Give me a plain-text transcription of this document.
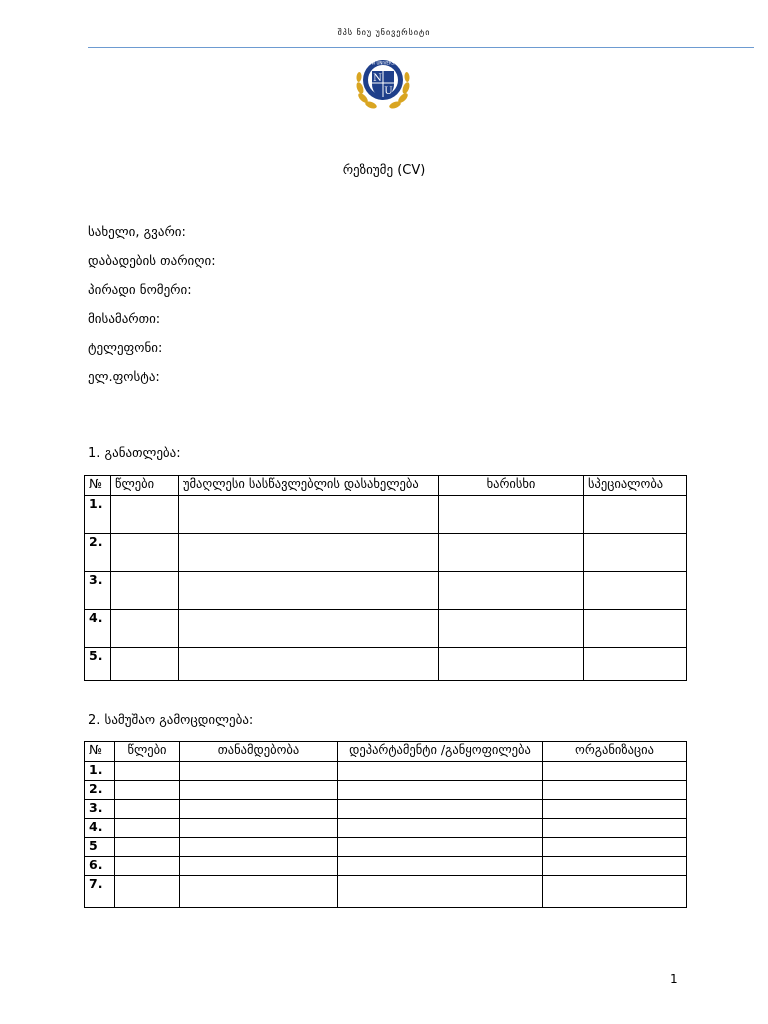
შპს ნიუ უნივერსიტი
N
U
NEW UNIVERSITY
რეზიუმე (CV)
სახელი, გვარი:
დაბადების თარიღი:
პირადი ნომერი:
მისამართი:
ტელეფონი:
ელ.ფოსტა:
1. განათლება:
№	წლები	უმაღლესი სასწავლებლის დასახელება	ხარისხი	სპეციალობა
1.				
2.				
3.				
4.				
5.				
2. სამუშაო გამოცდილება:
№	წლები	თანამდებობა	დეპარტამენტი /განყოფილება	ორგანიზაცია
1.				
2.				
3.				
4.				
5				
6.				
7.				
1
